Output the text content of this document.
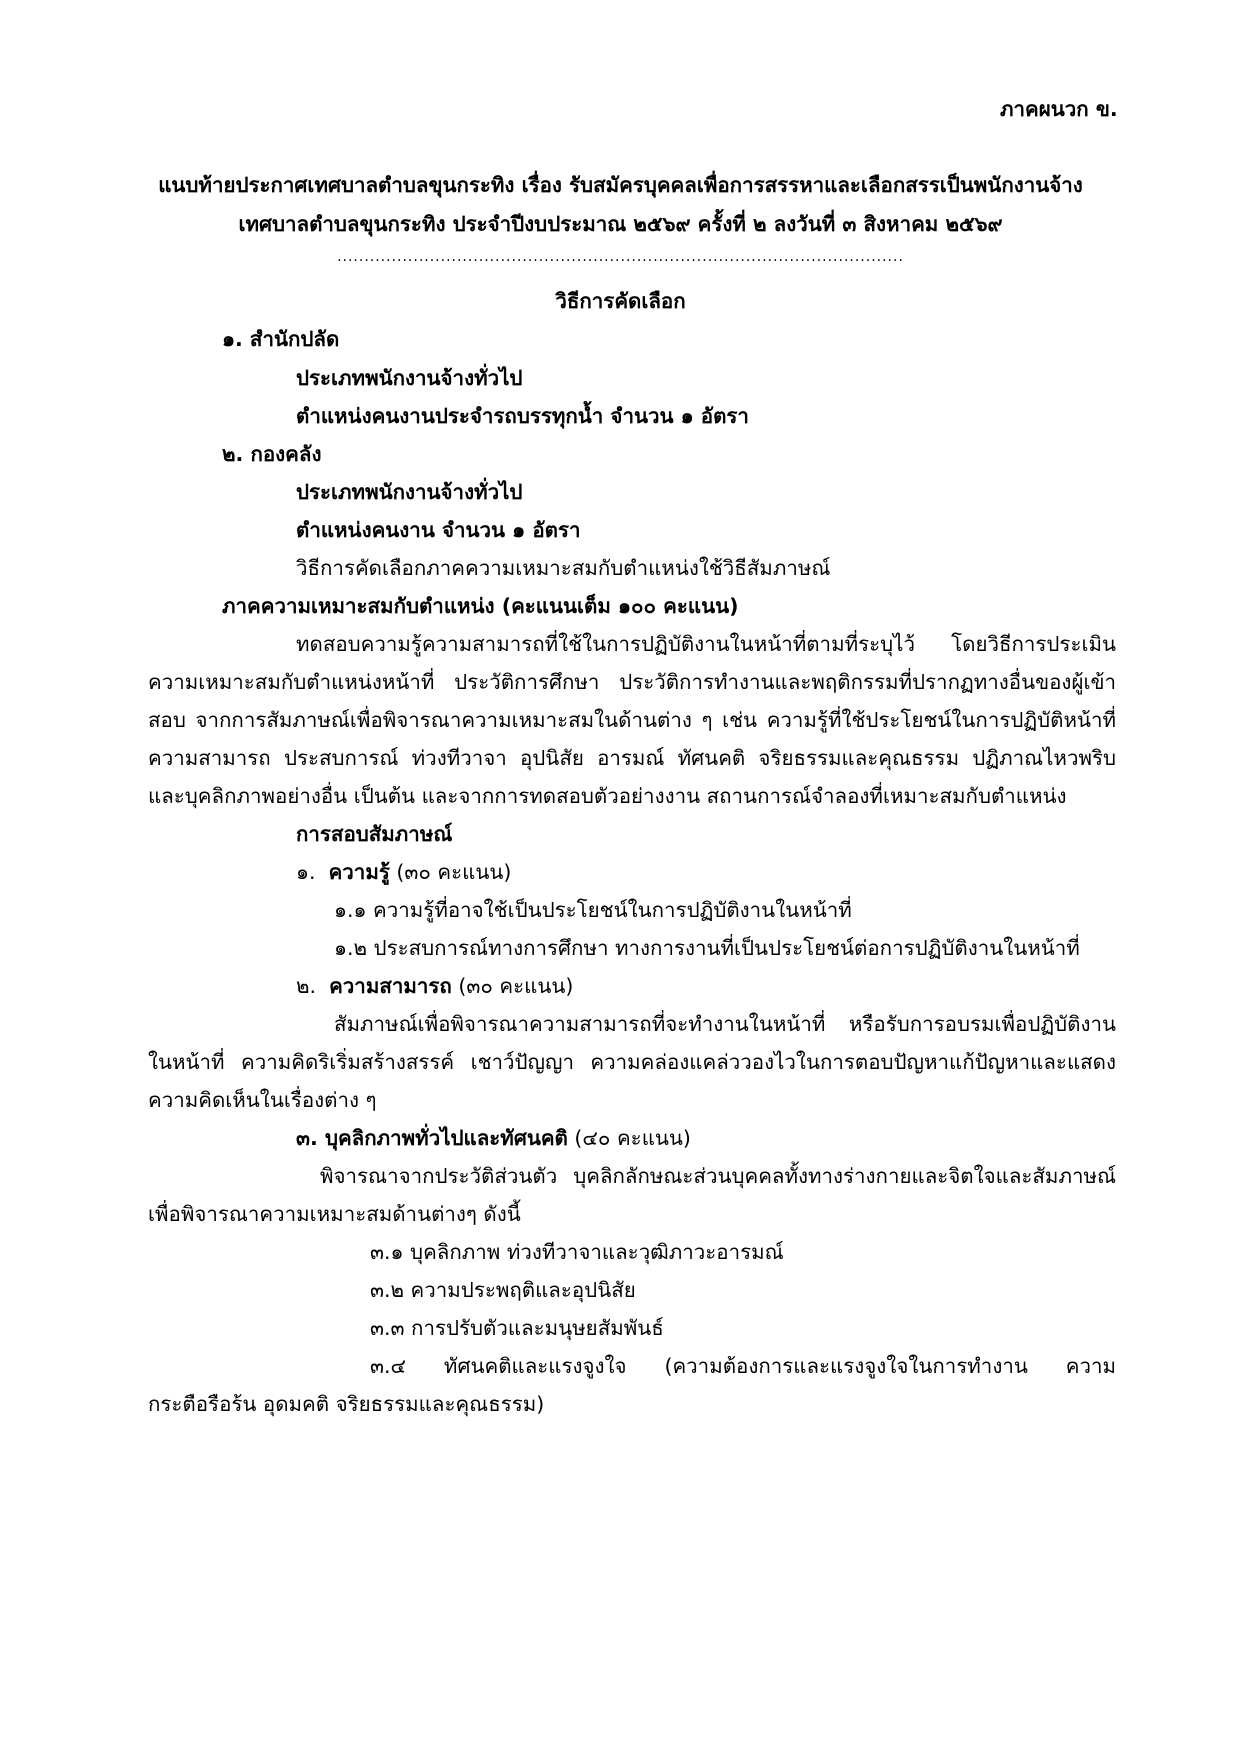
ภาคผนวก ข.
แนบท้ายประกาศเทศบาลตำบลขุนกระทิง เรื่อง รับสมัครบุคคลเพื่อการสรรหาและเลือกสรรเป็นพนักงานจ้าง
เทศบาลตำบลขุนกระทิง ประจำปีงบประมาณ ๒๕๖๙ ครั้งที่ ๒ ลงวันที่ ๓ สิงหาคม ๒๕๖๙
........................................................................................................
วิธีการคัดเลือก
๑. สำนักปลัด
ประเภทพนักงานจ้างทั่วไป
ตำแหน่งคนงานประจำรถบรรทุกน้ำ จำนวน ๑ อัตรา
๒. กองคลัง
ประเภทพนักงานจ้างทั่วไป
ตำแหน่งคนงาน จำนวน ๑ อัตรา
วิธีการคัดเลือกภาคความเหมาะสมกับตำแหน่งใช้วิธีสัมภาษณ์
ภาคความเหมาะสมกับตำแหน่ง (คะแนนเต็ม ๑๐๐ คะแนน)
ทดสอบความรู้ความสามารถที่ใช้ในการปฏิบัติงานในหน้าที่ตามที่ระบุไว้ โดยวิธีการประเมิน
ความเหมาะสมกับตำแหน่งหน้าที่ ประวัติการศึกษา ประวัติการทำงานและพฤติกรรมที่ปรากฏทางอื่นของผู้เข้า
สอบ จากการสัมภาษณ์เพื่อพิจารณาความเหมาะสมในด้านต่าง ๆ เช่น ความรู้ที่ใช้ประโยชน์ในการปฏิบัติหน้าที่
ความสามารถ ประสบการณ์ ท่วงทีวาจา อุปนิสัย อารมณ์ ทัศนคติ จริยธรรมและคุณธรรม ปฏิภาณไหวพริบ
และบุคลิกภาพอย่างอื่น เป็นต้น และจากการทดสอบตัวอย่างงาน สถานการณ์จำลองที่เหมาะสมกับตำแหน่ง
การสอบสัมภาษณ์
๑. ความรู้ (๓๐ คะแนน)
๑.๑ ความรู้ที่อาจใช้เป็นประโยชน์ในการปฏิบัติงานในหน้าที่
๑.๒ ประสบการณ์ทางการศึกษา ทางการงานที่เป็นประโยชน์ต่อการปฏิบัติงานในหน้าที่
๒. ความสามารถ (๓๐ คะแนน)
สัมภาษณ์เพื่อพิจารณาความสามารถที่จะทำงานในหน้าที่ หรือรับการอบรมเพื่อปฏิบัติงาน
ในหน้าที่ ความคิดริเริ่มสร้างสรรค์ เชาว์ปัญญา ความคล่องแคล่ววองไวในการตอบปัญหาแก้ปัญหาและแสดง
ความคิดเห็นในเรื่องต่าง ๆ
๓. บุคลิกภาพทั่วไปและทัศนคติ (๔๐ คะแนน)
พิจารณาจากประวัติส่วนตัว บุคลิกลักษณะส่วนบุคคลทั้งทางร่างกายและจิตใจและสัมภาษณ์
เพื่อพิจารณาความเหมาะสมด้านต่างๆ ดังนี้
๓.๑ บุคลิกภาพ ท่วงทีวาจาและวุฒิภาวะอารมณ์
๓.๒ ความประพฤติและอุปนิสัย
๓.๓ การปรับตัวและมนุษยสัมพันธ์
๓.๔ ทัศนคติและแรงจูงใจ (ความต้องการและแรงจูงใจในการทำงาน ความ
กระตือรือร้น อุดมคติ จริยธรรมและคุณธรรม)
